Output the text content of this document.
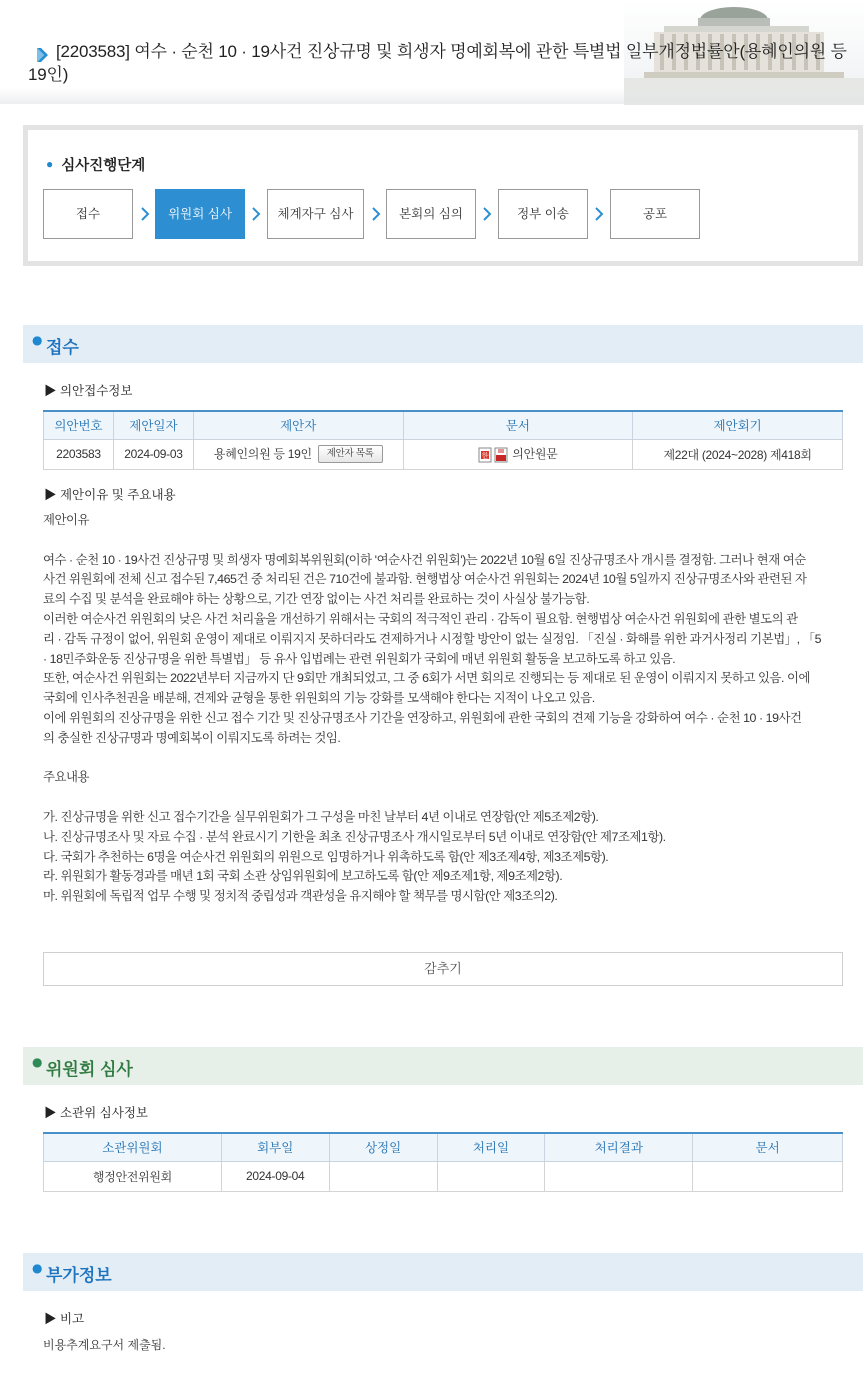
[2203583] 여수 · 순천 10 · 19사건 진상규명 및 희생자 명예회복에 관한 특별법 일부개정법률안(용혜인의원 등 19인)
● 심사진행단계
접수	위원회 심사	체계자구 심사	본회의 심의	정부 이송	공포
● 접수
▶ 의안접수정보
의안번호	제안일자	제안자	문서	제안회기
2203583	2024-09-03	용혜인의원 등 19인 제안자 목록	한 의안원문	제22대 (2024~2028) 제418회
▶ 제안이유 및 주요내용

제안이유

여수 · 순천 10 · 19사건 진상규명 및 희생자 명예회복위원회(이하 '여순사건 위원회')는 2022년 10월 6일 진상규명조사 개시를 결정함. 그러나 현재 여순

사건 위원회에 전체 신고 접수된 7,465건 중 처리된 건은 710건에 불과함. 현행법상 여순사건 위원회는 2024년 10월 5일까지 진상규명조사와 관련된 자

료의 수집 및 분석을 완료해야 하는 상황으로, 기간 연장 없이는 사건 처리를 완료하는 것이 사실상 불가능함.

이러한 여순사건 위원회의 낮은 사건 처리율을 개선하기 위해서는 국회의 적극적인 관리 · 감독이 필요함. 현행법상 여순사건 위원회에 관한 별도의 관

리 · 감독 규정이 없어, 위원회 운영이 제대로 이뤄지지 못하더라도 견제하거나 시정할 방안이 없는 실정임. 「진실 · 화해를 위한 과거사정리 기본법」, 「5

· 18민주화운동 진상규명을 위한 특별법」 등 유사 입법례는 관련 위원회가 국회에 매년 위원회 활동을 보고하도록 하고 있음.

또한, 여순사건 위원회는 2022년부터 지금까지 단 9회만 개최되었고, 그 중 6회가 서면 회의로 진행되는 등 제대로 된 운영이 이뤄지지 못하고 있음. 이에

국회에 인사추천권을 배분해, 견제와 균형을 통한 위원회의 기능 강화를 모색해야 한다는 지적이 나오고 있음.

이에 위원회의 진상규명을 위한 신고 접수 기간 및 진상규명조사 기간을 연장하고, 위원회에 관한 국회의 견제 기능을 강화하여 여수 · 순천 10 · 19사건

의 충실한 진상규명과 명예회복이 이뤄지도록 하려는 것임.

주요내용

가. 진상규명을 위한 신고 접수기간을 실무위원회가 그 구성을 마친 날부터 4년 이내로 연장함(안 제5조제2항).

나. 진상규명조사 및 자료 수집 · 분석 완료시기 기한을 최초 진상규명조사 개시일로부터 5년 이내로 연장함(안 제7조제1항).

다. 국회가 추천하는 6명을 여순사건 위원회의 위원으로 임명하거나 위촉하도록 함(안 제3조제4항, 제3조제5항).

라. 위원회가 활동경과를 매년 1회 국회 소관 상임위원회에 보고하도록 함(안 제9조제1항, 제9조제2항).

마. 위원회에 독립적 업무 수행 및 정치적 중립성과 객관성을 유지해야 할 책무를 명시함(안 제3조의2).

감추기
● 위원회 심사
▶ 소관위 심사정보
소관위원회	회부일	상정일	처리일	처리결과	문서
행정안전위원회	2024-09-04				
● 부가정보
▶ 비고
비용추계요구서 제출됨.
